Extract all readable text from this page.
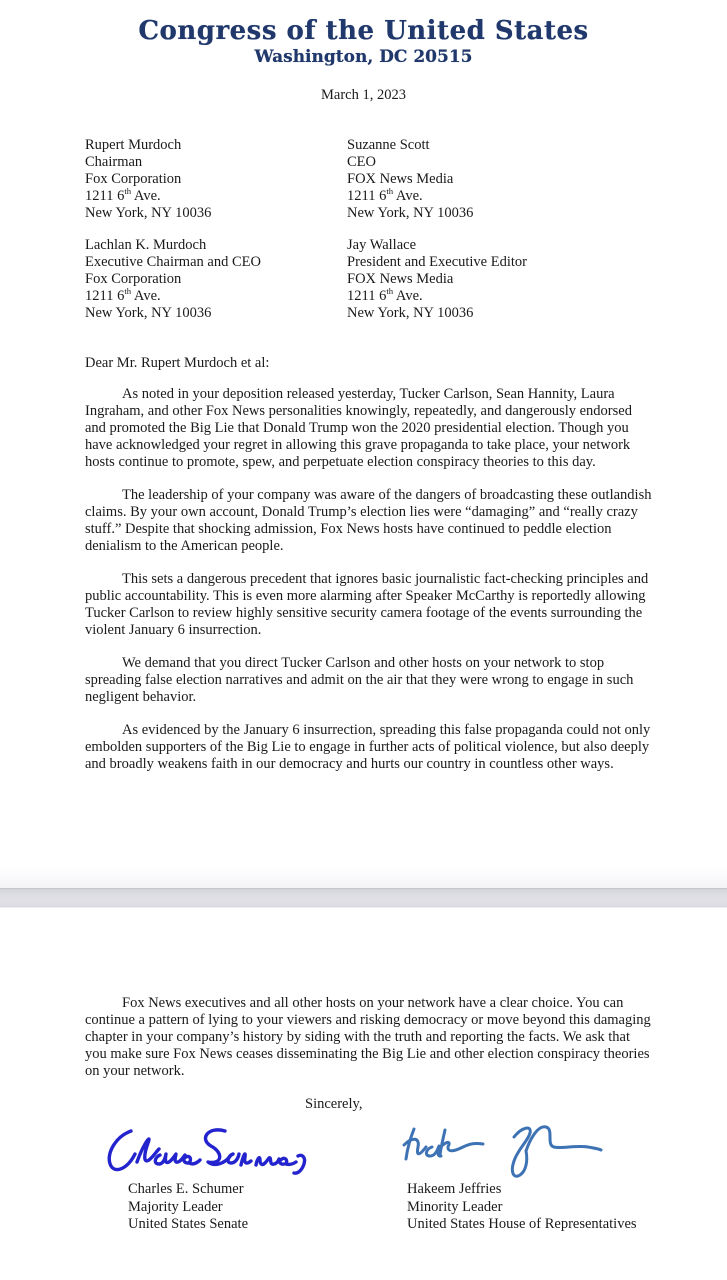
Congress of the United States
Washington, DC 20515
March 1, 2023
Rupert Murdoch
Chairman
Fox Corporation
1211 6th Ave.
New York, NY 10036
Suzanne Scott
CEO
FOX News Media
1211 6th Ave.
New York, NY 10036
Lachlan K. Murdoch
Executive Chairman and CEO
Fox Corporation
1211 6th Ave.
New York, NY 10036
Jay Wallace
President and Executive Editor
FOX News Media
1211 6th Ave.
New York, NY 10036
Dear Mr. Rupert Murdoch et al:

As noted in your deposition released yesterday, Tucker Carlson, Sean Hannity, Laura Ingraham, and other Fox News personalities knowingly, repeatedly, and dangerously endorsed and promoted the Big Lie that Donald Trump won the 2020 presidential election. Though you have acknowledged your regret in allowing this grave propaganda to take place, your network hosts continue to promote, spew, and perpetuate election conspiracy theories to this day.

The leadership of your company was aware of the dangers of broadcasting these outlandish claims. By your own account, Donald Trump’s election lies were “damaging” and “really crazy stuff.” Despite that shocking admission, Fox News hosts have continued to peddle election denialism to the American people.

This sets a dangerous precedent that ignores basic journalistic fact-checking principles and public accountability. This is even more alarming after Speaker McCarthy is reportedly allowing Tucker Carlson to review highly sensitive security camera footage of the events surrounding the violent January 6 insurrection.

We demand that you direct Tucker Carlson and other hosts on your network to stop spreading false election narratives and admit on the air that they were wrong to engage in such negligent behavior.

As evidenced by the January 6 insurrection, spreading this false propaganda could not only embolden supporters of the Big Lie to engage in further acts of political violence, but also deeply and broadly weakens faith in our democracy and hurts our country in countless other ways.

Fox News executives and all other hosts on your network have a clear choice. You can continue a pattern of lying to your viewers and risking democracy or move beyond this damaging chapter in your company’s history by siding with the truth and reporting the facts. We ask that you make sure Fox News ceases disseminating the Big Lie and other election conspiracy theories on your network.

Sincerely,
Charles E. Schumer
Majority Leader
United States Senate
Hakeem Jeffries
Minority Leader
United States House of Representatives
